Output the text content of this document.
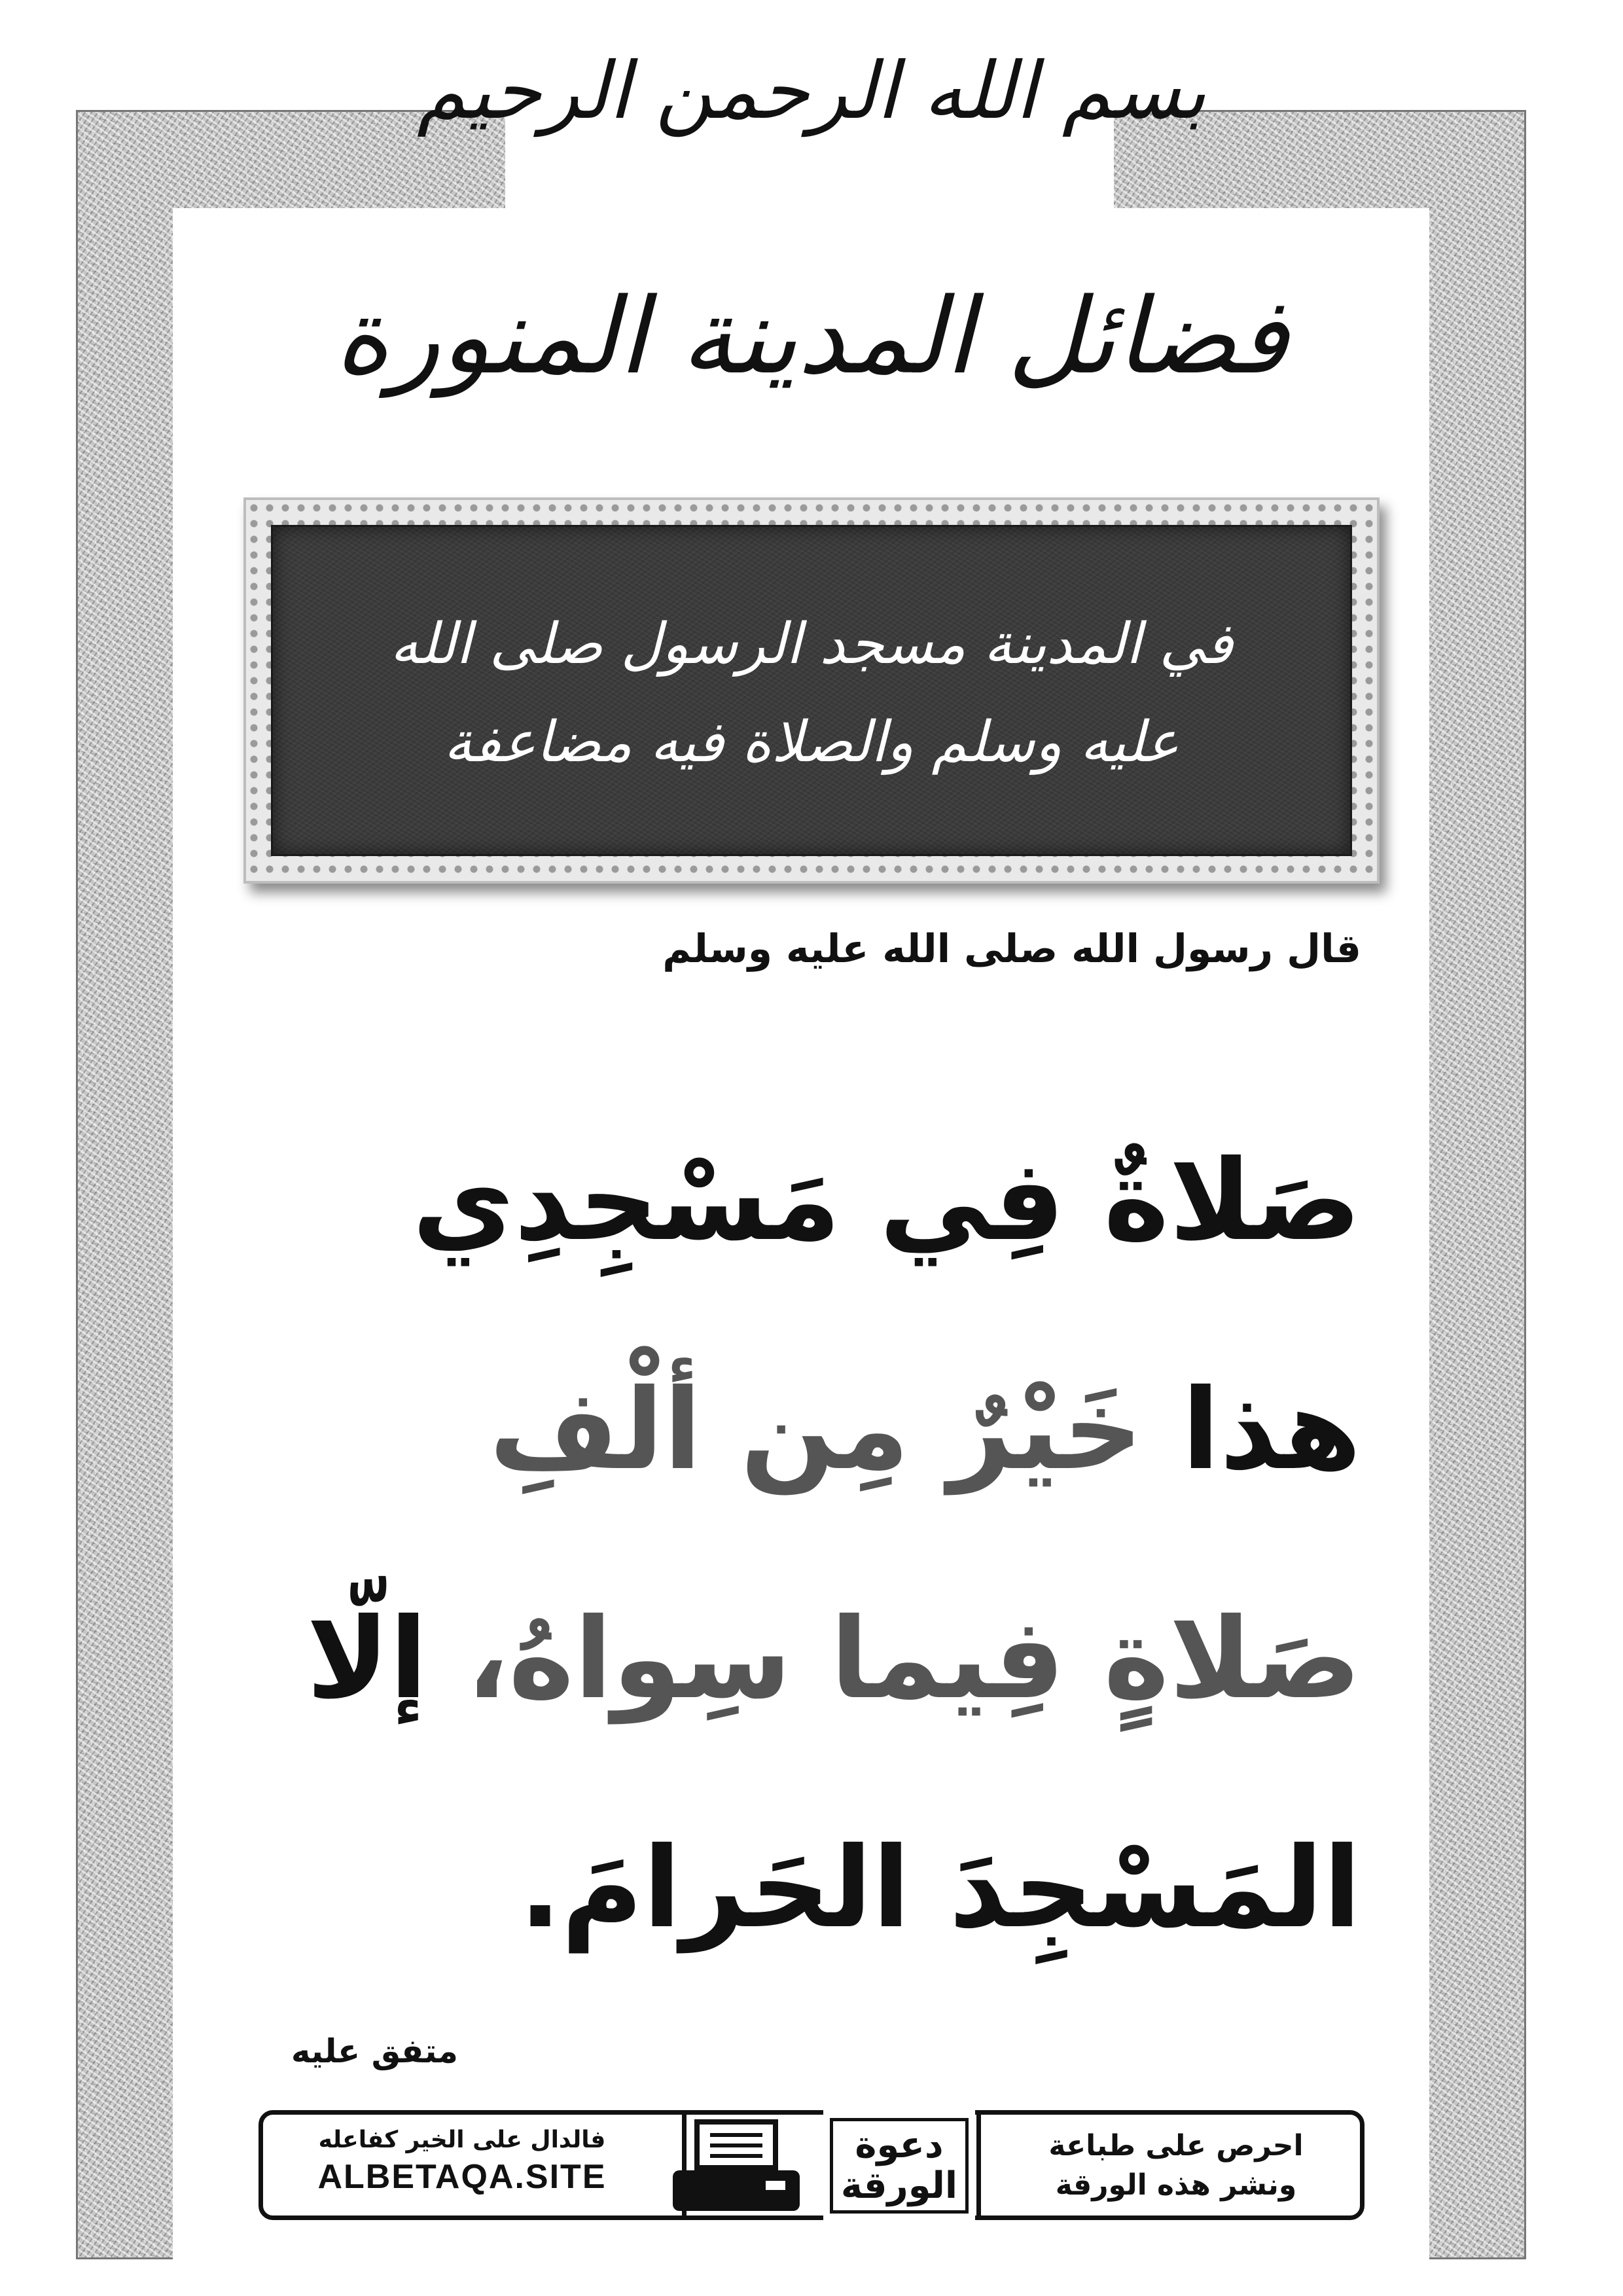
بسم الله الرحمن الرحيم
فضائل المدينة المنورة
في المدينة مسجد الرسول صلى الله
عليه وسلم والصلاة فيه مضاعفة
قال رسول الله صلى الله عليه وسلم
صَلاةٌ فِي مَسْجِدِي
هذا خَيْرٌ مِن ألْفِ
صَلاةٍ فِيما سِواهُ، إلّا
المَسْجِدَ الحَرامَ.
متفق عليه
فالدال على الخير كفاعله
ALBETAQA.SITE
احرص على طباعة
ونشر هذه الورقة
دعوة
الورقة
